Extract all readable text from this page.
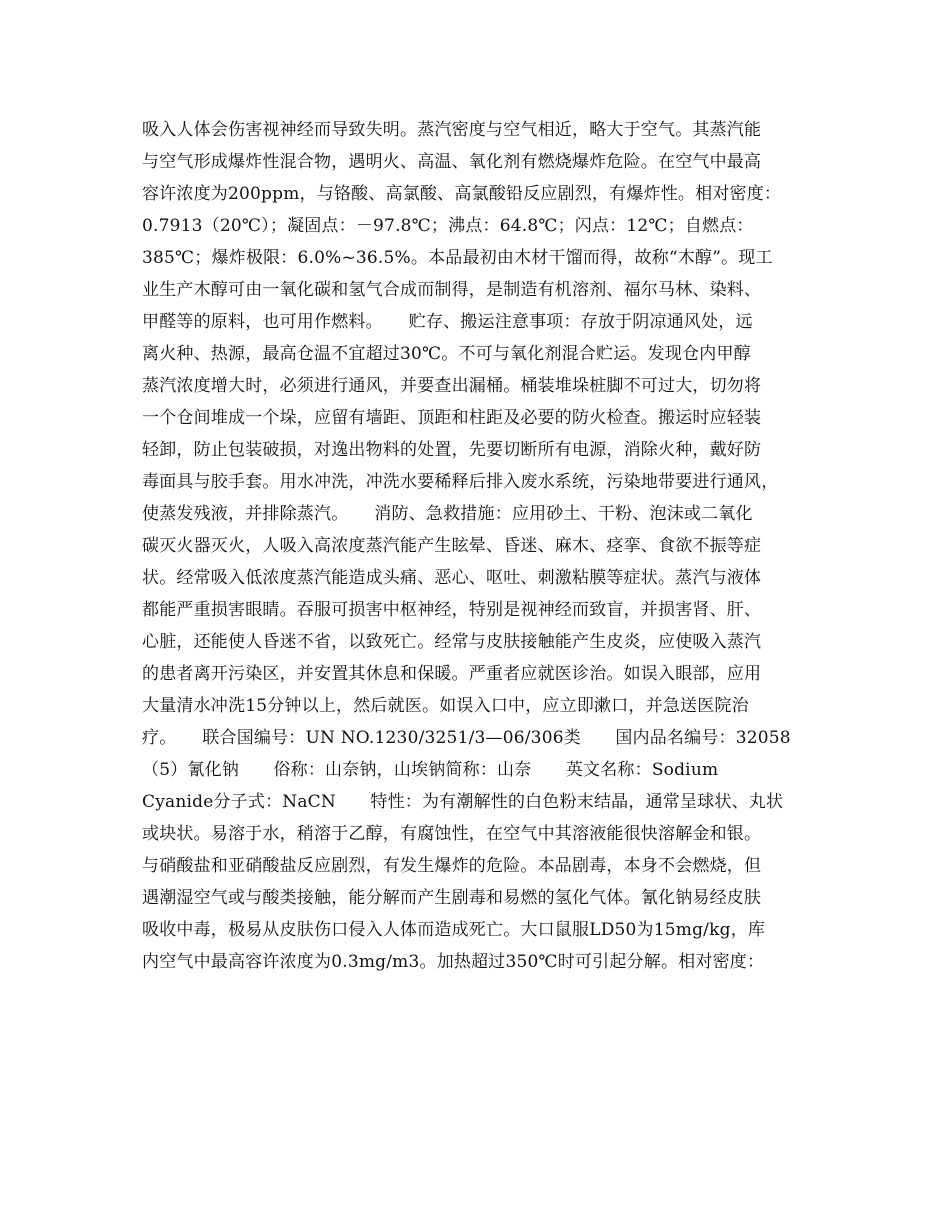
吸入人体会伤害视神经而导致失明。蒸汽密度与空气相近，略大于空气。其蒸汽能
与空气形成爆炸性混合物，遇明火、高温、氧化剂有燃烧爆炸危险。在空气中最高
容许浓度为200ppm，与铬酸、高氯酸、高氯酸铅反应剧烈，有爆炸性。相对密度：
0.7913（20℃）；凝固点：－97.8℃；沸点：64.8℃；闪点：12℃；自燃点：
385℃；爆炸极限：6.0%~36.5%。本品最初由木材干馏而得，故称“木醇”。现工
业生产木醇可由一氧化碳和氢气合成而制得，是制造有机溶剂、福尔马林、染料、
甲醛等的原料，也可用作燃料。　　贮存、搬运注意事项：存放于阴凉通风处，远
离火种、热源，最高仓温不宜超过30℃。不可与氧化剂混合贮运。发现仓内甲醇
蒸汽浓度增大时，必须进行通风，并要查出漏桶。桶装堆垛桩脚不可过大，切勿将
一个仓间堆成一个垛，应留有墙距、顶距和柱距及必要的防火检查。搬运时应轻装
轻卸，防止包装破损，对逸出物料的处置，先要切断所有电源，消除火种，戴好防
毒面具与胶手套。用水冲洗，冲洗水要稀释后排入废水系统，污染地带要进行通风，
使蒸发残液，并排除蒸汽。　　消防、急救措施：应用砂土、干粉、泡沫或二氧化
碳灭火器灭火，人吸入高浓度蒸汽能产生眩晕、昏迷、麻木、痉挛、食欲不振等症
状。经常吸入低浓度蒸汽能造成头痛、恶心、呕吐、刺激粘膜等症状。蒸汽与液体
都能严重损害眼睛。吞服可损害中枢神经，特别是视神经而致盲，并损害肾、肝、
心脏，还能使人昏迷不省，以致死亡。经常与皮肤接触能产生皮炎，应使吸入蒸汽
的患者离开污染区，并安置其休息和保暖。严重者应就医诊治。如误入眼部，应用
大量清水冲洗15分钟以上，然后就医。如误入口中，应立即漱口，并急送医院治
疗。　　联合国编号：UN NO.1230/3251/3—06/306类　　国内品名编号：32058
（5）氰化钠　　俗称：山奈钠，山埃钠简称：山奈　　英文名称：Sodium
Cyanide分子式：NaCN　　特性：为有潮解性的白色粉末结晶，通常呈球状、丸状
或块状。易溶于水，稍溶于乙醇，有腐蚀性，在空气中其溶液能很快溶解金和银。
与硝酸盐和亚硝酸盐反应剧烈，有发生爆炸的危险。本品剧毒，本身不会燃烧，但
遇潮湿空气或与酸类接触，能分解而产生剧毒和易燃的氢化气体。氰化钠易经皮肤
吸收中毒，极易从皮肤伤口侵入人体而造成死亡。大口鼠服LD50为15mg/kg，库
内空气中最高容许浓度为0.3mg/m3。加热超过350℃时可引起分解。相对密度：
